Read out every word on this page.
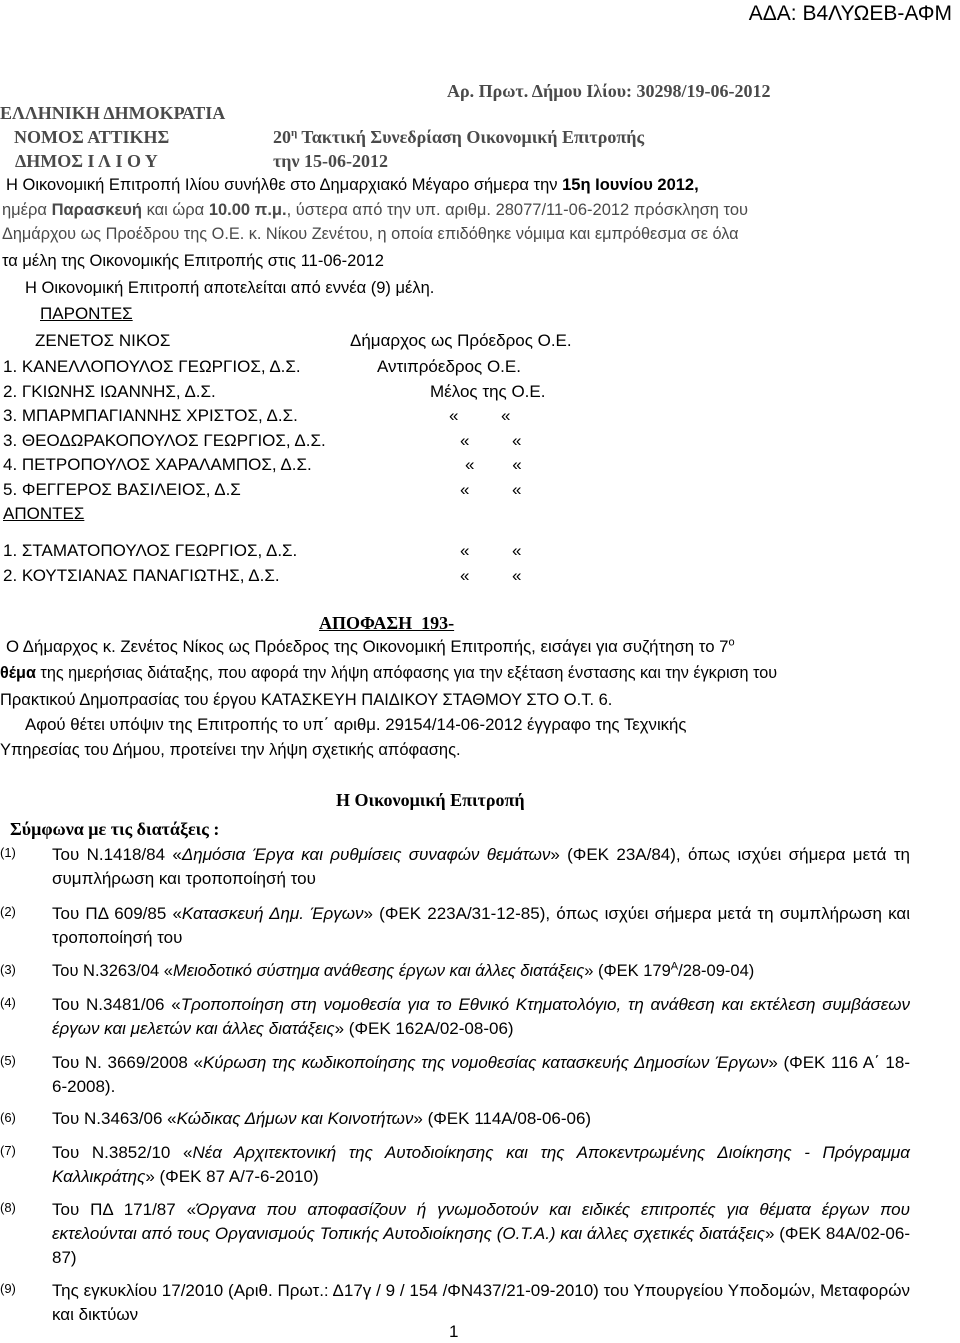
ΑΔΑ: Β4ΛΥΩΕΒ-ΑΦΜ
Αρ. Πρωτ. Δήμου Ιλίου: 30298/19-06-2012
ΕΛΛΗΝΙΚΗ ΔΗΜΟΚΡΑΤΙΑ
ΝΟΜΟΣ ΑΤΤΙΚΗΣ
ΔΗΜΟΣ Ι Λ Ι Ο Υ
$20^\eta$ Τακτική Συνεδρίαση Οικονομική Επιτροπής
την 15-06-2012
Η Οικονομική Επιτροπή Ιλίου συνήλθε στο Δημαρχιακό Μέγαρο σήμερα την 15η Ιουνίου 2012,
ημέρα Παρασκευή και ώρα 10.00 π.μ., ύστερα από την υπ. αριθμ. 28077/11-06-2012 πρόσκληση του
Δημάρχου ως Προέδρου της Ο.Ε. κ. Νίκου Ζενέτου, η οποία επιδόθηκε νόμιμα και εμπρόθεσμα σε όλα
τα μέλη της Οικονομικής Επιτροπής στις 11-06-2012
Η Οικονομική Επιτροπή αποτελείται από εννέα (9) μέλη.
ΠΑΡΟΝΤΕΣ
ΖΕΝΕΤΟΣ ΝΙΚΟΣ	Δήμαρχος ως Πρόεδρος Ο.Ε.
1. ΚΑΝΕΛΛΟΠΟΥΛΟΣ ΓΕΩΡΓΙΟΣ, Δ.Σ.	Αντιπρόεδρος Ο.Ε.
2. ΓΚΙΩΝΗΣ ΙΩΑΝΝΗΣ, Δ.Σ.	Μέλος της Ο.Ε.
3. ΜΠΑΡΜΠΑΓΙΑΝΝΗΣ ΧΡΙΣΤΟΣ, Δ.Σ.	«         «
3. ΘΕΟΔΩΡΑΚΟΠΟΥΛΟΣ ΓΕΩΡΓΙΟΣ, Δ.Σ.	«         «
4. ΠΕΤΡΟΠΟΥΛΟΣ ΧΑΡΑΛΑΜΠΟΣ, Δ.Σ.	«        «
5. ΦΕΓΓΕΡΟΣ ΒΑΣΙΛΕΙΟΣ, Δ.Σ	«         «
ΑΠΟΝΤΕΣ
1. ΣΤΑΜΑΤΟΠΟΥΛΟΣ ΓΕΩΡΓΙΟΣ, Δ.Σ.	«         «
2. ΚΟΥΤΣΙΑΝΑΣ ΠΑΝΑΓΙΩΤΗΣ, Δ.Σ.	«         «
ΑΠΟΦΑΣΗ  193-
Ο Δήμαρχος κ. Ζενέτος Νίκος ως Πρόεδρος της Οικονομική Επιτροπής, εισάγει για συζήτηση το $7^o$
θέμα της ημερήσιας διάταξης, που αφορά την λήψη απόφασης για την εξέταση ένστασης και την έγκριση του
Πρακτικού Δημοπρασίας του έργου ΚΑΤΑΣΚΕΥΗ ΠΑΙΔΙΚΟΥ ΣΤΑΘΜΟΥ ΣΤΟ Ο.Τ. 6.
Αφού θέτει υπόψιν της Επιτροπής το υπ΄ αριθμ. 29154/14-06-2012 έγγραφο της Τεχνικής
Υπηρεσίας του Δήμου, προτείνει την λήψη σχετικής απόφασης.
Η Οικονομική Επιτροπή
Σύμφωνα με τις διατάξεις :
(1) Του Ν.1418/84 «Δημόσια Έργα και ρυθμίσεις συναφών θεμάτων» (ΦΕΚ 23Α/84), όπως ισχύει σήμερα μετά τη συμπλήρωση και τροποποίησή του
(2) Του ΠΔ 609/85 «Κατασκευή Δημ. Έργων» (ΦΕΚ 223Α/31-12-85), όπως ισχύει σήμερα μετά τη συμπλήρωση και τροποποίησή του
(3) Του Ν.3263/04 «Μειοδοτικό σύστημα ανάθεσης έργων και άλλες διατάξεις» (ΦΕΚ $179^A/28-09-04$)
(4) Του Ν.3481/06 «Τροποποίηση στη νομοθεσία για το Εθνικό Κτηματολόγιο, τη ανάθεση και εκτέλεση συμβάσεων έργων και μελετών και άλλες διατάξεις» (ΦΕΚ 162Α/02-08-06)
(5) Του Ν. 3669/2008 «Κύρωση της κωδικοποίησης της νομοθεσίας κατασκευής Δημοσίων Έργων» (ΦΕΚ 116 Α΄ 18-6-2008).
(6) Του Ν.3463/06 «Κώδικας Δήμων και Κοινοτήτων» (ΦΕΚ 114Α/08-06-06)
(7) Του Ν.3852/10 «Νέα Αρχιτεκτονική της Αυτοδιοίκησης και της Αποκεντρωμένης Διοίκησης - Πρόγραμμα Καλλικράτης» (ΦΕΚ 87 Α/7-6-2010)
(8) Του ΠΔ 171/87 «Όργανα που αποφασίζουν ή γνωμοδοτούν και ειδικές επιτροπές για θέματα έργων που εκτελούνται από τους Οργανισμούς Τοπικής Αυτοδιοίκησης (Ο.Τ.Α.) και άλλες σχετικές διατάξεις» (ΦΕΚ 84Α/02-06-87)
(9) Της εγκυκλίου 17/2010 (Αριθ. Πρωτ.: Δ17γ / 9 / 154 /ΦΝ437/21-09-2010) του Υπουργείου Υποδομών, Μεταφορών και δικτύων
1
